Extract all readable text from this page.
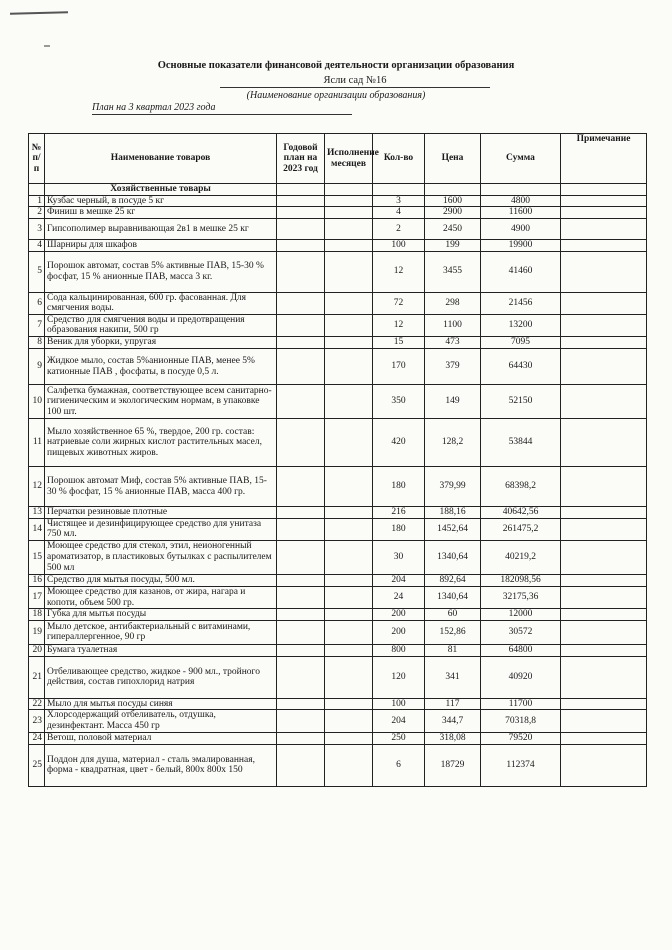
Основные показатели финансовой деятельности организации образования
Ясли сад №16
(Наименование организации образования)
План на 3 квартал 2023 года
№ п/п	Наименование товаров	Годовой план на 2023 год	Исполнение месяцев	Кол-во	Цена	Сумма	Примечание
	Хозяйственные товары						
1	Кузбас черный, в посуде 5 кг			3	1600	4800	
2	Финиш в мешке 25 кг			4	2900	11600	
3	Гипсополимер выравнивающая 2в1 в мешке 25 кг			2	2450	4900	
4	Шарниры для шкафов			100	199	19900	
5	Порошок автомат, состав 5% активные ПАВ, 15-30 % фосфат, 15 % анионные ПАВ, масса 3 кг.			12	3455	41460	
6	Сода кальцинированная, 600 гр. фасованная. Для смягчения воды.			72	298	21456	
7	Средство для смягчения воды и предотвращения образования накипи, 500 гр			12	1100	13200	
8	Веник для уборки, упругая			15	473	7095	
9	Жидкое мыло, состав 5%анионные ПАВ, менее 5% катионные ПАВ , фосфаты, в посуде 0,5 л.			170	379	64430	
10	Салфетка бумажная, соответствующее всем санитарно-гигиеническим и экологическим нормам, в упаковке 100 шт.			350	149	52150	
11	Мыло хозяйственное 65 %, твердое, 200 гр. состав: натриевые соли жирных кислот растительных масел, пищевых животных жиров.			420	128,2	53844	
12	Порошок автомат Миф, состав 5% активные ПАВ, 15-30 % фосфат, 15 % анионные ПАВ, масса 400 гр.			180	379,99	68398,2	
13	Перчатки резиновые плотные			216	188,16	40642,56	
14	Чистящее и дезинфицирующее средство для унитаза 750 мл.			180	1452,64	261475,2	
15	Моющее средство для стекол, этил, неионогенный ароматизатор, в пластиковых бутылках с распылителем 500 мл			30	1340,64	40219,2	
16	Средство для мытья посуды, 500 мл.			204	892,64	182098,56	
17	Моющее средство для казанов, от жира, нагара и копоти, объем 500 гр.			24	1340,64	32175,36	
18	Губка для мытья посуды			200	60	12000	
19	Мыло детское, антибактериальный с витаминами, гипераллергенное, 90 гр			200	152,86	30572	
20	Бумага туалетная			800	81	64800	
21	Отбеливающее средство, жидкое - 900 мл., тройного действия, состав гипохлорид натрия			120	341	40920	
22	Мыло для мытья посуды синяя			100	117	11700	
23	Хлорсодержащий отбеливатель, отдушка, дезинфектант. Масса 450 гр			204	344,7	70318,8	
24	Ветош, половой материал			250	318,08	79520	
25	Поддон для душа, материал - сталь эмалированная, форма - квадратная, цвет - белый, 800х 800х 150			6	18729	112374	
